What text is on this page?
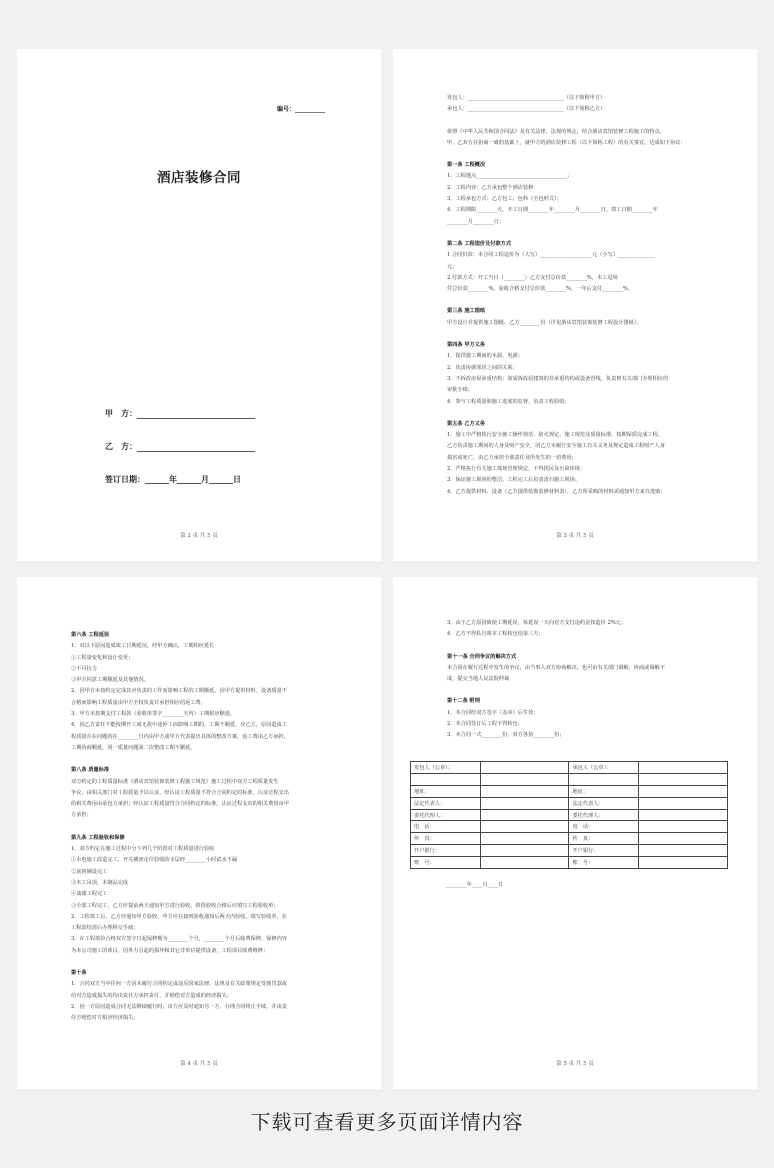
编号：__________
酒店装修合同
甲　方：
乙　方：
签订日期：______年______月______日
第 2 页 共 5 页

发包人：_____________________________________（以下简称甲方）

承包人：_____________________________________（以下简称乙方）

依照《中华人民共和国合同法》及有关法律、法规的规定，结合酒店宾馆装修工程施工的特点，

甲、乙双方在协商一致的基础上，就甲方的酒店装修工程（以下简称工程）的有关事宜，达成如下协议：

第一条 工程概况

1．工程地点___________________________________；

2．工程内容：乙方承包整个酒店装修

3．工程承包方式：乙方包工、包料（全包形式）；

4．工程期限________天，开工日期________年________月________日，竣工日期________年

________月________日；

第二条 工程造价及付款方式

1 合同价款：本合同工程造价为（大写）____________________元（小写）______________

元；

2 付款方式：开工当日（________）乙方支付总价款________%，木工进场

付总价款________%，验收合格支付总价款________%，一年后支付________%。

第三条 施工图纸

甲方设计并提供施工图纸，乙方________份（详见酒店宾馆装饰装修工程设计图纸）。

第四条 甲方义务

1．提供施工期间的水源、电源；

2．负责协调邻居之间的关系；

3．不拆改房屋承重结构；如需拆改原建筑的非承重结构或设备管线，负责到有关部门办理相应的

审批手续；

4．参与工程质量和施工进度的监督，负责工程验收；

第五条 乙方义务

1．施工中严格执行安全施工操作规范、防火规定、施工规范及质量标准，按期保质完成工程。

乙方负责施工期间的人身及财产安全，因乙方未履行安全施工有关义务及规定造成工程财产人身

损害或死亡，由乙方承担全部责任及所发生的一切费用；

2．严格执行有关施工现场管理规定，不得扰民及污染环境；

3．保证施工现场的整洁，工程完工后负责清扫施工现场；

4．乙方提供材料、设备（乙方提供装饰装修材料表），乙方所采购的材料需通知甲方来自选购；

第 3 页 共 5 页

第六条 工程延误

1．对以下原因造成竣工日期延误，经甲方确认，工期相应延长

①工程量变化和设计变更；

②不可抗力

③甲方同意工期顺延及其他情况。

2．因甲方未按约定完成其应负责的工作而影响工程的工期顺延，因甲方提供材料、设备质量不

合格而影响工程质量由甲方全权负责并承担相应的返工费。

3．甲方未按期支付工程款（验收单签字________天内）工期相应顺延。

4．因乙方责任不能按期开工或无故中途停工而影响工期的，工期不顺延，应乙方，原因造成工

程质量存在问题的在________日内由甲方或甲方代表提出具体的整改方案，返工费由乙方承担，

工期协商顺延，同一质量问题第二次整改工期不顺延。

第八条 质量标准

双方约定的工程质量标准《酒店宾馆装饰装修工程施工规范》施工过程中双方工程质量发生

争议，由相关部门对工程质量予以认证，经认证工程质量不符合合同约定的标准，认证过程支出

的相关费用由承包方承担；经认证工程质量符合合同约定的标准，认证过程支出的相关费用由甲

方承担；

第九条 工程验收和保修

1．双方约定在施工过程中分下列几个阶段对工程质量进行验收

①水电施工改造完工，开关插座定位验收防水层经________小时试水不漏

②底砖铺设完工

③木工吊顶，木制品完成

④油漆工程完工

③全部工程完工，乙方应提前两天通知甲方进行验收，阶段验收合格后应填写工程验收单；

2．工程竣工后，乙方应通知甲方验收，甲方应在接到验收通知后两天内验收，填写验收单，在

工程款结清后办理移交手续；

3．在工程竣验合格双方签字日起保修期为________个月，________个月后收费保修，保修内容

为本公司施工的项目，因外力引起的损坏和其它非单位提供设备，工程项目收费维修；

第十条

1．合同双方当中任何一方因未履行合同约定或违反国家法律，法规及有关政策规定受到罚款或

给对方造成损失的均由责任方承担责任，并赔偿对方造成的经济损失；

2．因一方原因造成合同无法继续履行时，该方应及时通知另一方，办理合同终止手续，并由责

任方赔偿对方相应经济损失；

第 4 页 共 5 页

3．由于乙方原因致使工期延误，每延误一天向对方支付违约金按造价 2%元；

4．乙方不得私自将本工程转包给第三方；

第十一条 合同争议的解决方式

本合同在履行过程中发生的争议，由当事人双方协商解决，也可由有关部门调解，协商或调解不

成，提交当地人民法院仲裁

第十二条 附则

1．本合同经双方签字（盖章）后生效；

2．本合同签订后工程不得转包；

3．本合同一式________份，双方各执________份；

发包人（公章）：		承包人（公章）：	

地址：		地址：	
法定代表人：		法定代表人：	
委托代理人：		委托代理人：	
电　话：		电　话：	
传　真：		传　真：	
开户银行：		开户银行：	
账　号：		账　号：	
________年____月____日
第 5 页 共 5 页
下载可查看更多页面详情内容
